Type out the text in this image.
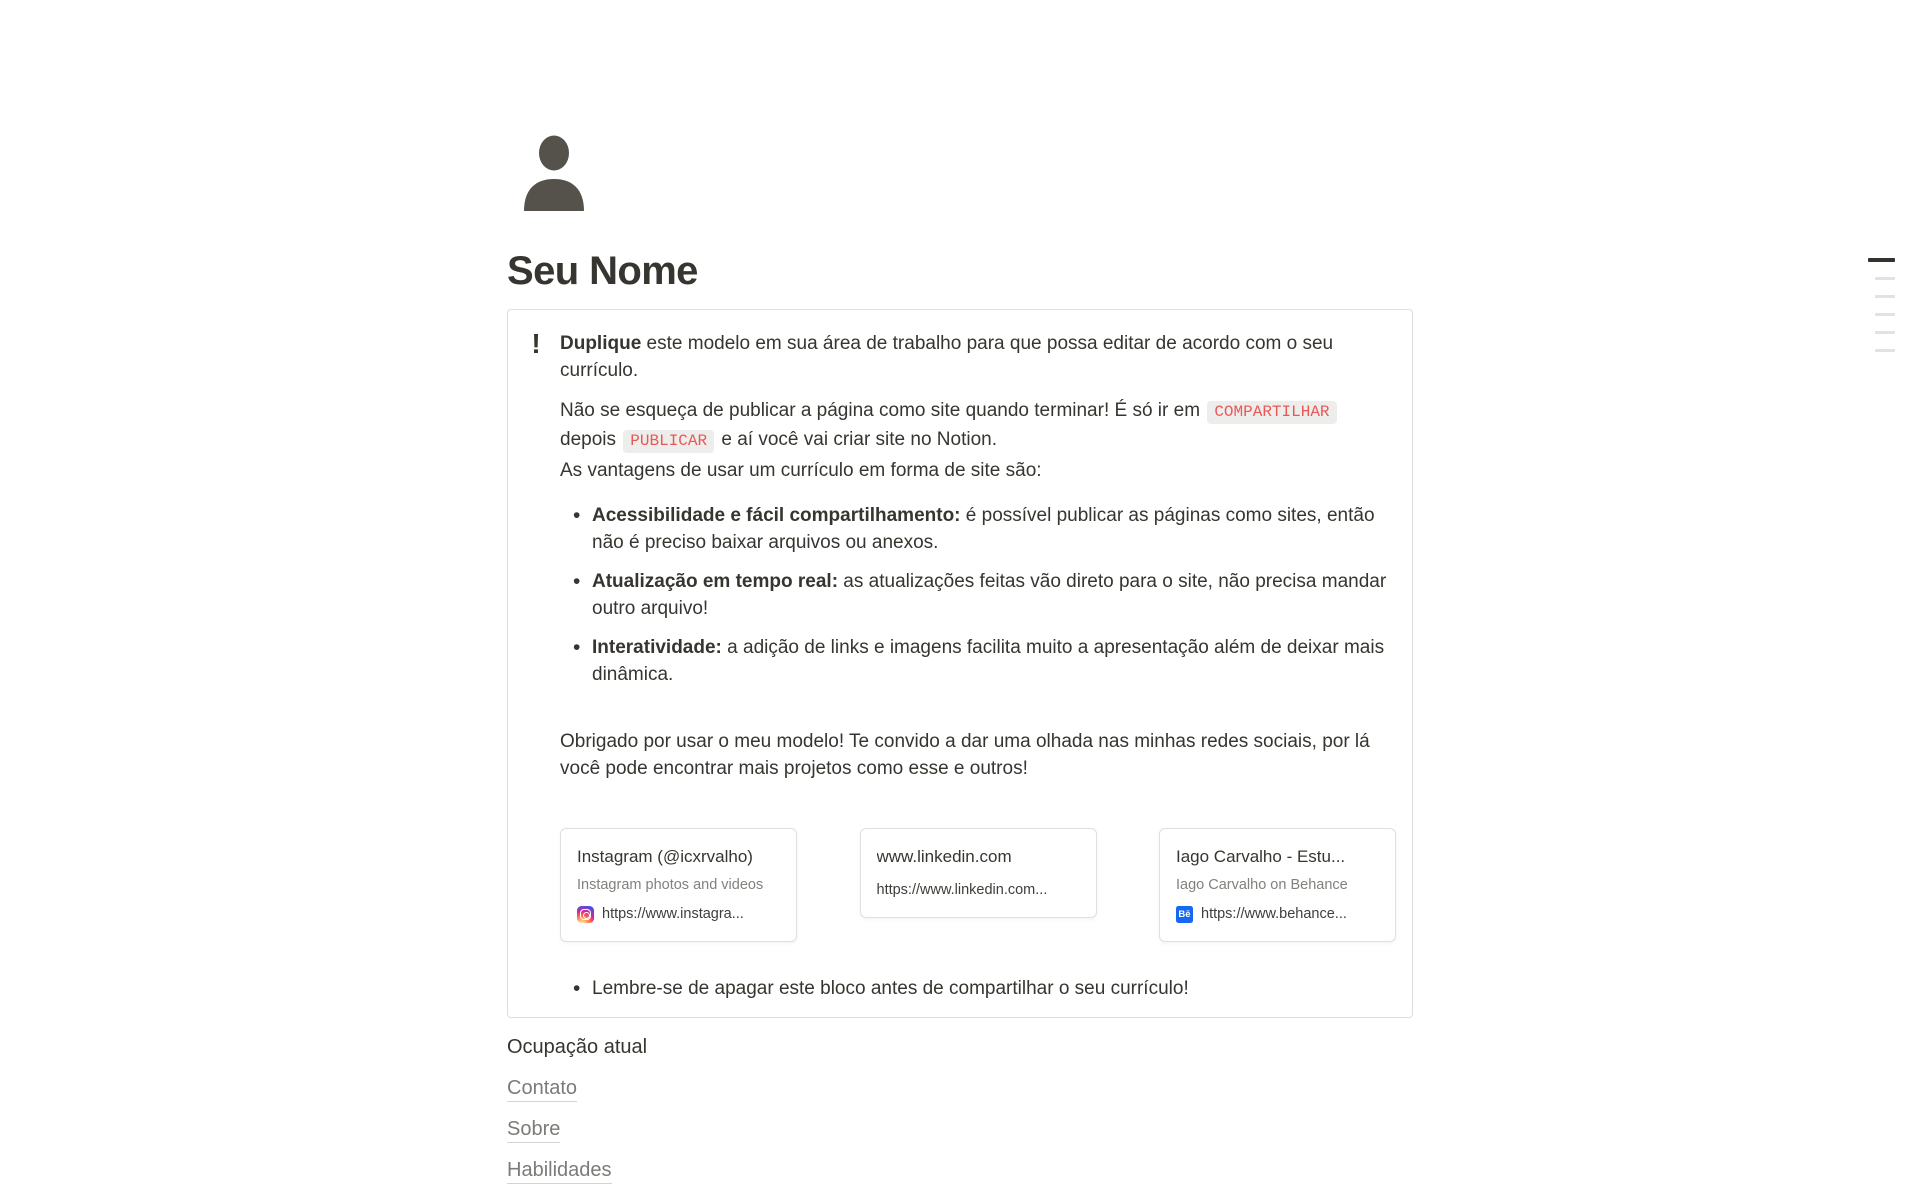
Seu Nome
!	Duplique este modelo em sua área de trabalho para que possa editar de acordo com o seu currículo.

Não se esqueça de publicar a página como site quando terminar! É só ir em COMPARTILHAR depois PUBLICAR e aí você vai criar site no Notion.

As vantagens de usar um currículo em forma de site são:

•
Acessibilidade e fácil compartilhamento: é possível publicar as páginas como sites, então não é preciso baixar arquivos ou anexos.
•
Atualização em tempo real: as atualizações feitas vão direto para o site, não precisa mandar outro arquivo!
•
Interatividade: a adição de links e imagens facilita muito a apresentação além de deixar mais dinâmica.

Obrigado por usar o meu modelo! Te convido a dar uma olhada nas minhas redes sociais, por lá você pode encontrar mais projetos como esse e outros!

Instagram (@icxrvalho)
Instagram photos and videos
https://www.instagra...
www.linkedin.com
https://www.linkedin.com...
Iago Carvalho - Estu...
Iago Carvalho on Behance
Bē https://www.behance...
•
Lembre-se de apagar este bloco antes de compartilhar o seu currículo!
Ocupação atual
Contato
Sobre
Habilidades
